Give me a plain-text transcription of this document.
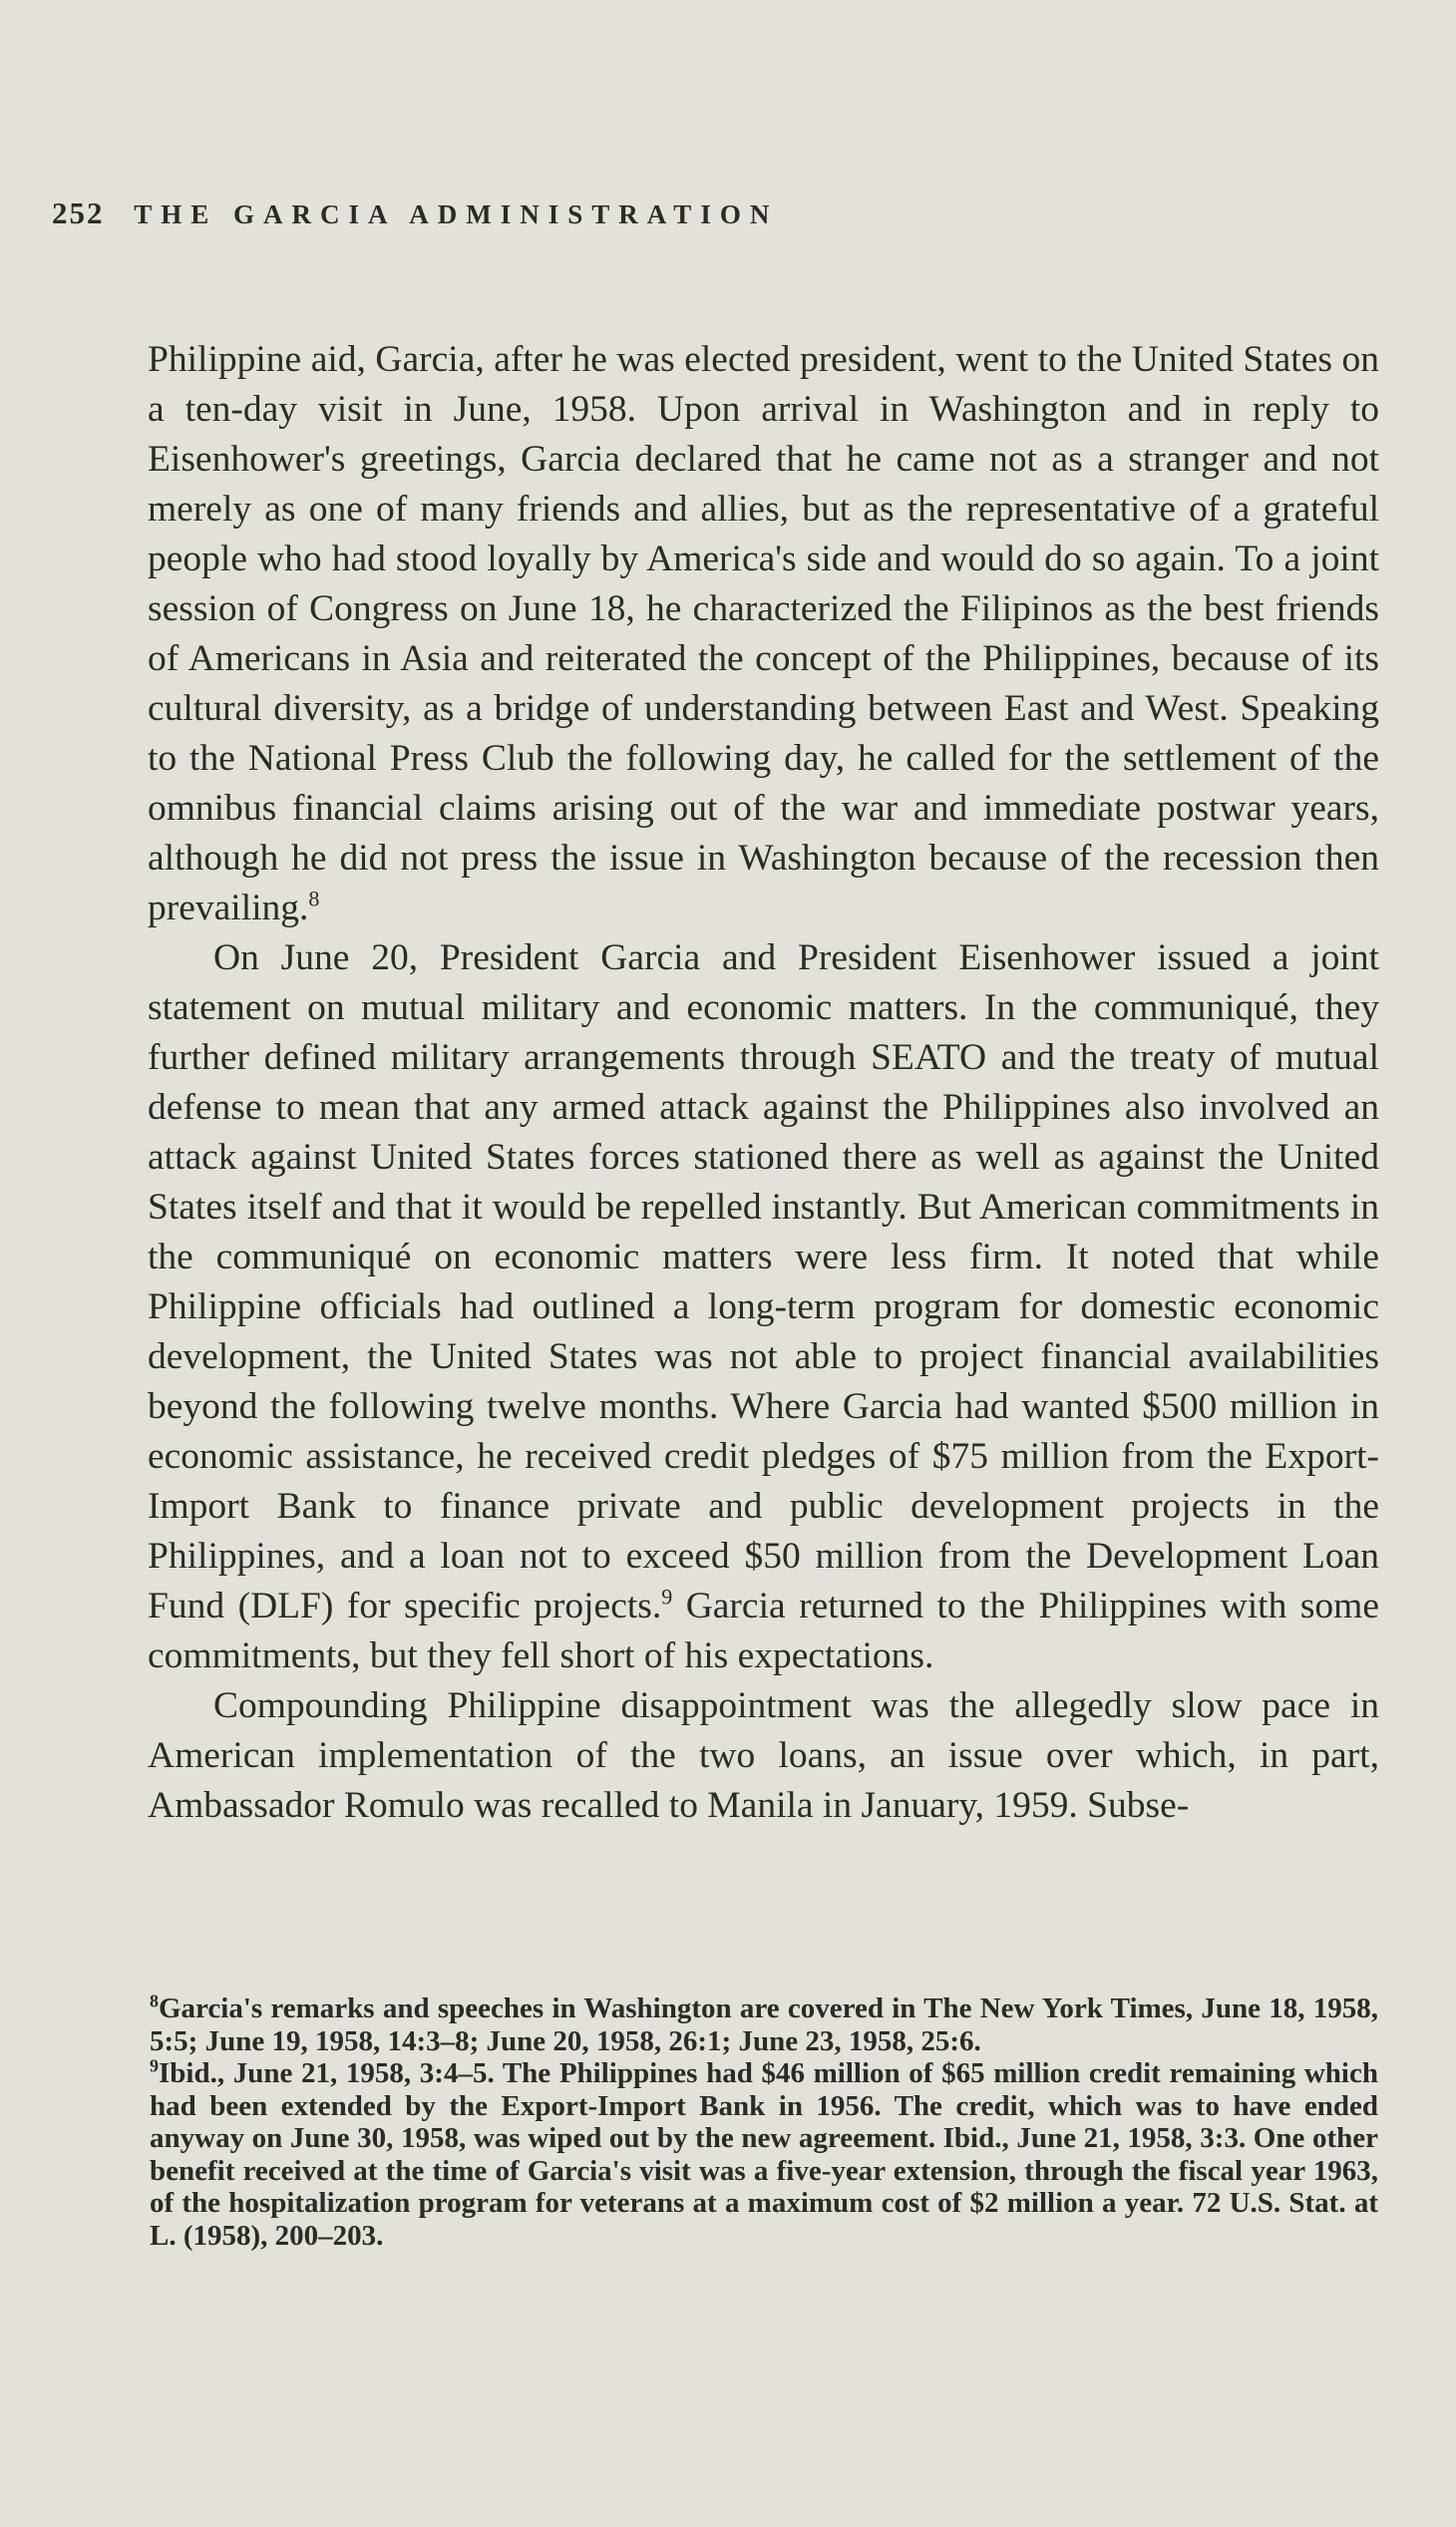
252 THE GARCIA ADMINISTRATION

Philippine aid, Garcia, after he was elected president, went to the United States on a ten-day visit in June, 1958. Upon arrival in Washington and in reply to Eisenhower's greetings, Garcia declared that he came not as a stranger and not merely as one of many friends and allies, but as the representative of a grateful people who had stood loyally by America's side and would do so again. To a joint session of Congress on June 18, he characterized the Filipinos as the best friends of Americans in Asia and reiterated the concept of the Philippines, because of its cultural diversity, as a bridge of understanding between East and West. Speaking to the National Press Club the following day, he called for the settlement of the omnibus financial claims arising out of the war and immediate postwar years, although he did not press the issue in Washington because of the recession then prevailing.$^8$

On June 20, President Garcia and President Eisenhower issued a joint statement on mutual military and economic matters. In the communiqué, they further defined military arrangements through SEATO and the treaty of mutual defense to mean that any armed attack against the Philippines also involved an attack against United States forces stationed there as well as against the United States itself and that it would be repelled instantly. But American commitments in the communiqué on economic matters were less firm. It noted that while Philippine officials had outlined a long-term program for domestic economic development, the United States was not able to project financial availabilities beyond the following twelve months. Where Garcia had wanted $500 million in economic assistance, he received credit pledges of $75 million from the Export-Import Bank to finance private and public development projects in the Philippines, and a loan not to exceed $50 million from the Development Loan Fund (DLF) for specific projects.$^9$ Garcia returned to the Philippines with some commitments, but they fell short of his expectations.

Compounding Philippine disappointment was the allegedly slow pace in American implementation of the two loans, an issue over which, in part, Ambassador Romulo was recalled to Manila in January, 1959. Subse-

$^8$Garcia's remarks and speeches in Washington are covered in The New York Times, June 18, 1958, 5:5; June 19, 1958, 14:3–8; June 20, 1958, 26:1; June 23, 1958, 25:6.

$^9$Ibid., June 21, 1958, 3:4–5. The Philippines had $46 million of $65 million credit remaining which had been extended by the Export-Import Bank in 1956. The credit, which was to have ended anyway on June 30, 1958, was wiped out by the new agreement. Ibid., June 21, 1958, 3:3. One other benefit received at the time of Garcia's visit was a five-year extension, through the fiscal year 1963, of the hospitalization program for veterans at a maximum cost of $2 million a year. 72 U.S. Stat. at L. (1958), 200–203.
